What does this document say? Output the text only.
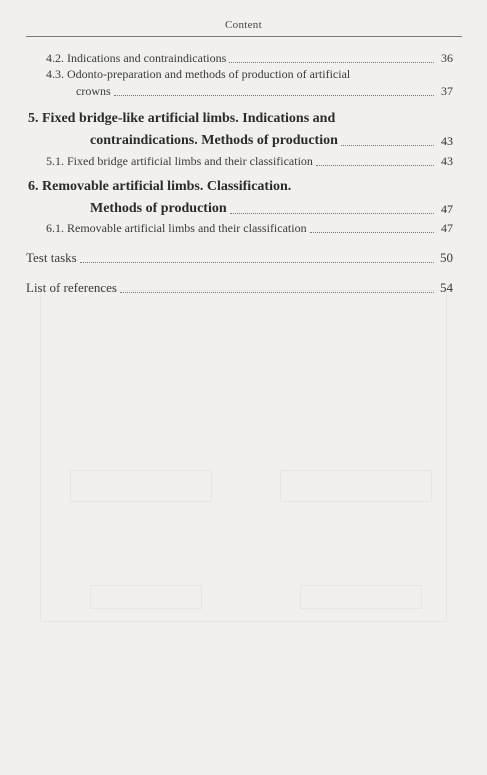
Content
4.2. Indications and contraindications	36
4.3. Odonto-preparation and methods of production of artificial
crowns	37
5. Fixed bridge-like artificial limbs. Indications and
contraindications. Methods of production	43
5.1. Fixed bridge artificial limbs and their classification	43
6. Removable artificial limbs. Classification.
Methods of production	47
6.1. Removable artificial limbs and their classification	47
Test tasks	50
List of references	54
